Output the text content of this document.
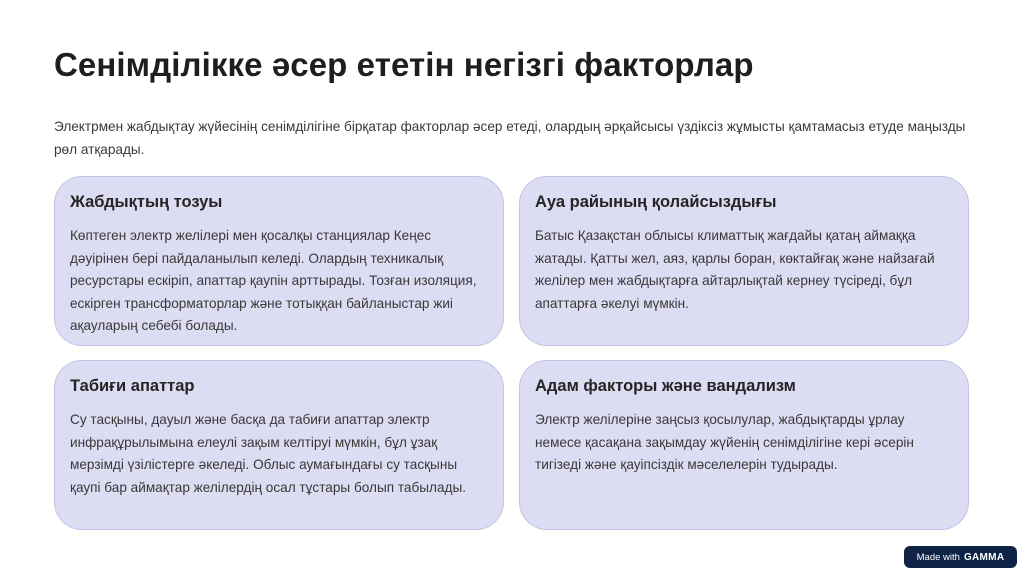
Сенімділікке әсер ететін негізгі факторлар

Электрмен жабдықтау жүйесінің сенімділігіне бірқатар факторлар әсер етеді, олардың әрқайсысы үздіксіз жұмысты қамтамасыз етуде маңызды рөл атқарады.

Жабдықтың тозуы

Көптеген электр желілері мен қосалқы станциялар Кеңес дәуірінен бері пайдаланылып келеді. Олардың техникалық ресурстары ескіріп, апаттар қаупін арттырады. Тозған изоляция, ескірген трансформаторлар және тотыққан байланыстар жиі ақауларың себебі болады.

Ауа райының қолайсыздығы

Батыс Қазақстан облысы климаттық жағдайы қатаң аймаққа жатады. Қатты жел, аяз, қарлы боран, көктайғақ және найзағай желілер мен жабдықтарға айтарлықтай кернеу түсіреді, бұл апаттарға әкелуі мүмкін.

Табиғи апаттар

Су тасқыны, дауыл және басқа да табиғи апаттар электр инфрақұрылымына елеулі зақым келтіруі мүмкін, бұл ұзақ мерзімді үзілістерге әкеледі. Облыс аумағындағы су тасқыны қаупі бар аймақтар желілердің осал тұстары болып табылады.

Адам факторы және вандализм

Электр желілеріне заңсыз қосылулар, жабдықтарды ұрлау немесе қасақана зақымдау жүйенің сенімділігіне кері әсерін тигізеді және қауіпсіздік мәселелерін тудырады.

Made with GAMMA
